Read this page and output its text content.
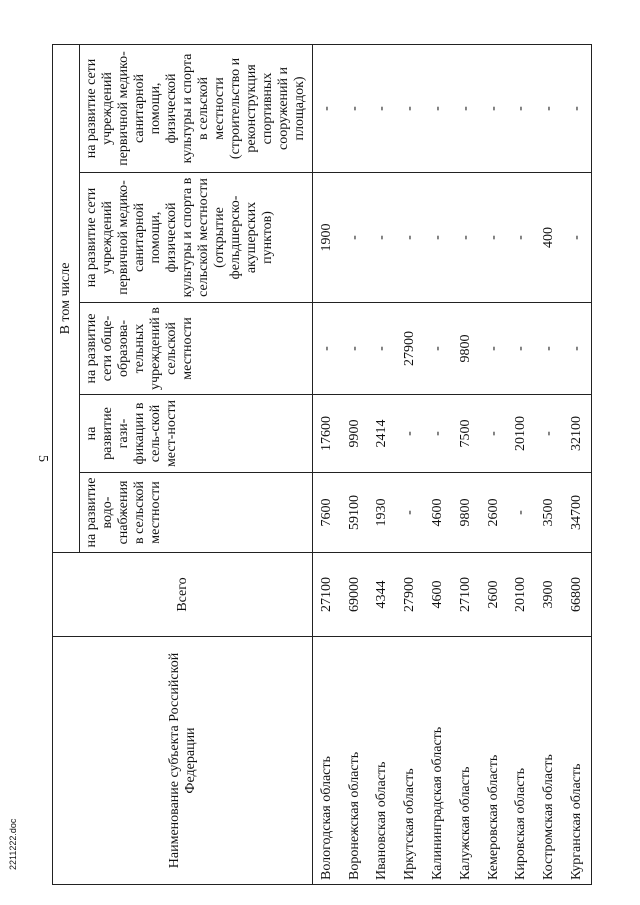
5
Наименование субъекта Российской Федерации	Всего	В том числе				
		на развитие водо-снабжения в сельской местности	на развитие гази-фикации в сель-ской мест-ности	на развитие сети обще-образова-тельных учреждений в сельской местности	на развитие сети учреждений первичной медико-санитарной помощи, физической культуры и спорта в сельской местности (открытие фельдшерско-акушерских пунктов)	на развитие сети учреждений первичной медико-санитарной помощи, физической культуры и спорта в сельской местности (строительство и реконструкция спортивных сооружений и площадок)
Вологодская область	27100	7600	17600	-	1900	-
Воронежская область	69000	59100	9900	-	-	-
Ивановская область	4344	1930	2414	-	-	-
Иркутская область	27900	-	-	27900	-	-
Калининградская область	4600	4600	-	-	-	-
Калужская область	27100	9800	7500	9800	-	-
Кемеровская область	2600	2600	-	-	-	-
Кировская область	20100	-	20100	-	-	-
Костромская область	3900	3500	-	-	400	-
Курганская область	66800	34700	32100	-	-	-
2211222.doc
